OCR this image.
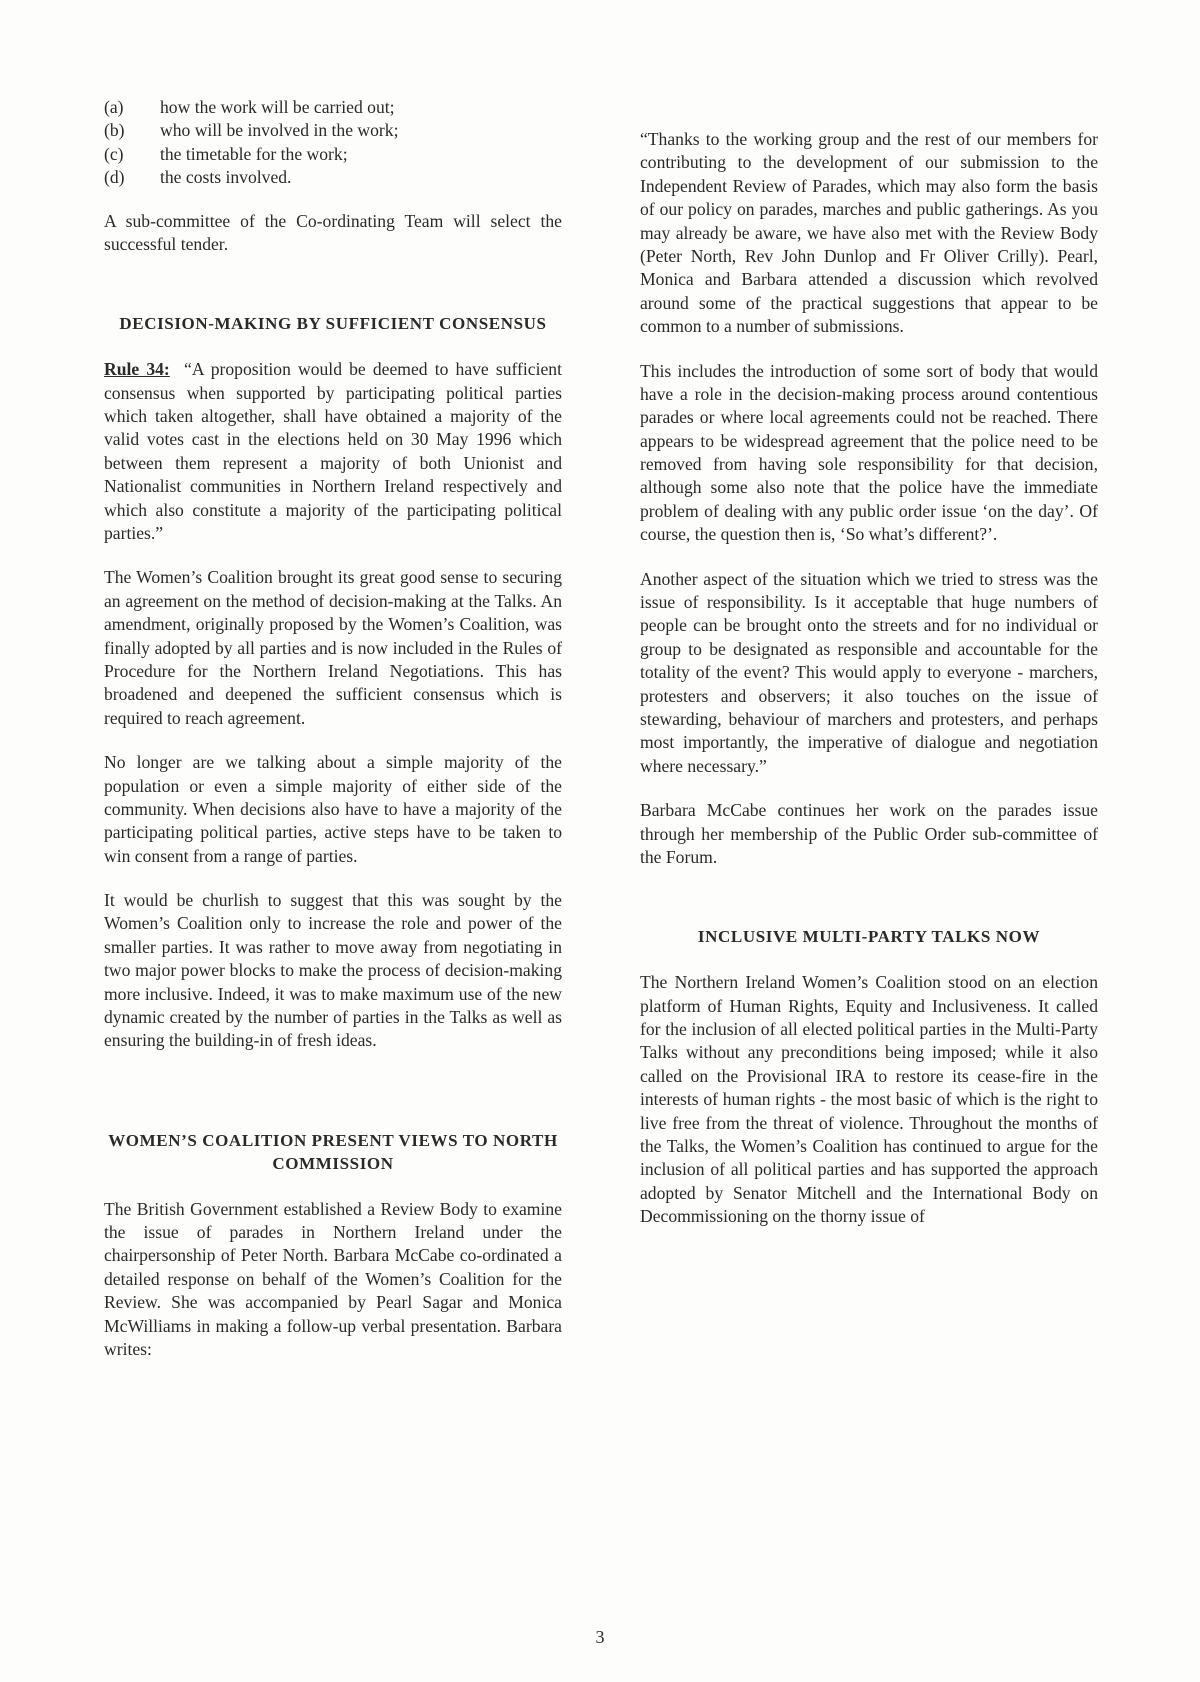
(a)	how the work will be carried out;
(b)	who will be involved in the work;
(c)	the timetable for the work;
(d)	the costs involved.

A sub-committee of the Co-ordinating Team will select the successful tender.

DECISION-MAKING BY SUFFICIENT CONSENSUS

Rule 34: “A proposition would be deemed to have sufficient consensus when supported by participating political parties which taken altogether, shall have obtained a majority of the valid votes cast in the elections held on 30 May 1996 which between them represent a majority of both Unionist and Nationalist communities in Northern Ireland respectively and which also constitute a majority of the participating political parties.”

The Women’s Coalition brought its great good sense to securing an agreement on the method of decision-making at the Talks. An amendment, originally proposed by the Women’s Coalition, was finally adopted by all parties and is now included in the Rules of Procedure for the Northern Ireland Negotiations. This has broadened and deepened the sufficient consensus which is required to reach agreement.

No longer are we talking about a simple majority of the population or even a simple majority of either side of the community. When decisions also have to have a majority of the participating political parties, active steps have to be taken to win consent from a range of parties.

It would be churlish to suggest that this was sought by the Women’s Coalition only to increase the role and power of the smaller parties. It was rather to move away from negotiating in two major power blocks to make the process of decision-making more inclusive. Indeed, it was to make maximum use of the new dynamic created by the number of parties in the Talks as well as ensuring the building-in of fresh ideas.

WOMEN’S COALITION PRESENT VIEWS TO NORTH COMMISSION

The British Government established a Review Body to examine the issue of parades in Northern Ireland under the chairpersonship of Peter North. Barbara McCabe co-ordinated a detailed response on behalf of the Women’s Coalition for the Review. She was accompanied by Pearl Sagar and Monica McWilliams in making a follow-up verbal presentation. Barbara writes:

“Thanks to the working group and the rest of our members for contributing to the development of our submission to the Independent Review of Parades, which may also form the basis of our policy on parades, marches and public gatherings. As you may already be aware, we have also met with the Review Body (Peter North, Rev John Dunlop and Fr Oliver Crilly). Pearl, Monica and Barbara attended a discussion which revolved around some of the practical suggestions that appear to be common to a number of submissions.

This includes the introduction of some sort of body that would have a role in the decision-making process around contentious parades or where local agreements could not be reached. There appears to be widespread agreement that the police need to be removed from having sole responsibility for that decision, although some also note that the police have the immediate problem of dealing with any public order issue ‘on the day’. Of course, the question then is, ‘So what’s different?’.

Another aspect of the situation which we tried to stress was the issue of responsibility. Is it acceptable that huge numbers of people can be brought onto the streets and for no individual or group to be designated as responsible and accountable for the totality of the event? This would apply to everyone - marchers, protesters and observers; it also touches on the issue of stewarding, behaviour of marchers and protesters, and perhaps most importantly, the imperative of dialogue and negotiation where necessary.”

Barbara McCabe continues her work on the parades issue through her membership of the Public Order sub-committee of the Forum.

INCLUSIVE MULTI-PARTY TALKS NOW

The Northern Ireland Women’s Coalition stood on an election platform of Human Rights, Equity and Inclusiveness. It called for the inclusion of all elected political parties in the Multi-Party Talks without any preconditions being imposed; while it also called on the Provisional IRA to restore its cease-fire in the interests of human rights - the most basic of which is the right to live free from the threat of violence. Throughout the months of the Talks, the Women’s Coalition has continued to argue for the inclusion of all political parties and has supported the approach adopted by Senator Mitchell and the International Body on Decommissioning on the thorny issue of

3
